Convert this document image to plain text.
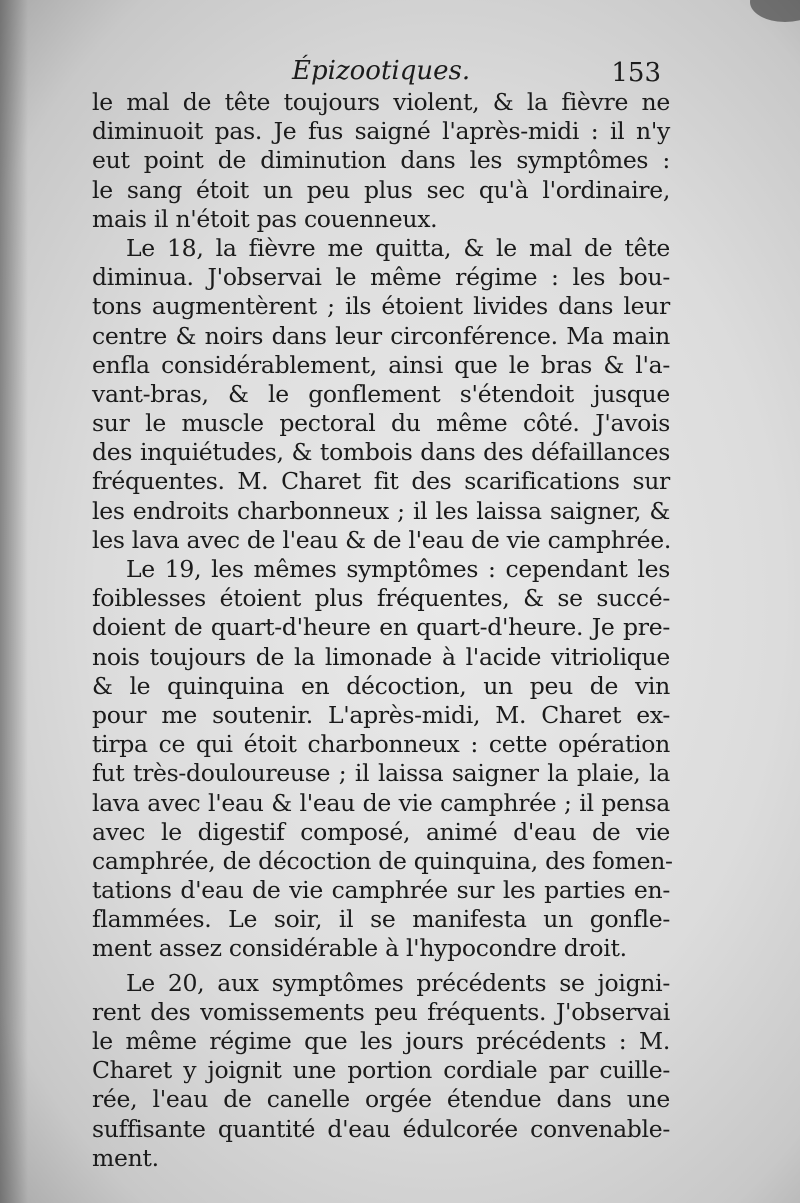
Épizootiques.	153
le mal de tête toujours violent, & la fièvre ne
diminuoit pas. Je fus saigné l'après-midi : il n'y
eut point de diminution dans les symptômes :
le sang étoit un peu plus sec qu'à l'ordinaire,
mais il n'étoit pas couenneux.
Le 18, la fièvre me quitta, & le mal de tête
diminua. J'observai le même régime : les bou-
tons augmentèrent ; ils étoient livides dans leur
centre & noirs dans leur circonférence. Ma main
enfla considérablement, ainsi que le bras & l'a-
vant-bras, & le gonflement s'étendoit jusque
sur le muscle pectoral du même côté. J'avois
des inquiétudes, & tombois dans des défaillances
fréquentes. M. Charet fit des scarifications sur
les endroits charbonneux ; il les laissa saigner, &
les lava avec de l'eau & de l'eau de vie camphrée.
Le 19, les mêmes symptômes : cependant les
foiblesses étoient plus fréquentes, & se succé-
doient de quart-d'heure en quart-d'heure. Je pre-
nois toujours de la limonade à l'acide vitriolique
& le quinquina en décoction, un peu de vin
pour me soutenir. L'après-midi, M. Charet ex-
tirpa ce qui étoit charbonneux : cette opération
fut très-douloureuse ; il laissa saigner la plaie, la
lava avec l'eau & l'eau de vie camphrée ; il pensa
avec le digestif composé, animé d'eau de vie
camphrée, de décoction de quinquina, des fomen-
tations d'eau de vie camphrée sur les parties en-
flammées. Le soir, il se manifesta un gonfle-
ment assez considérable à l'hypocondre droit.
Le 20, aux symptômes précédents se joigni-
rent des vomissements peu fréquents. J'observai
le même régime que les jours précédents : M.
Charet y joignit une portion cordiale par cuille-
rée, l'eau de canelle orgée étendue dans une
suffisante quantité d'eau édulcorée convenable-
ment.
